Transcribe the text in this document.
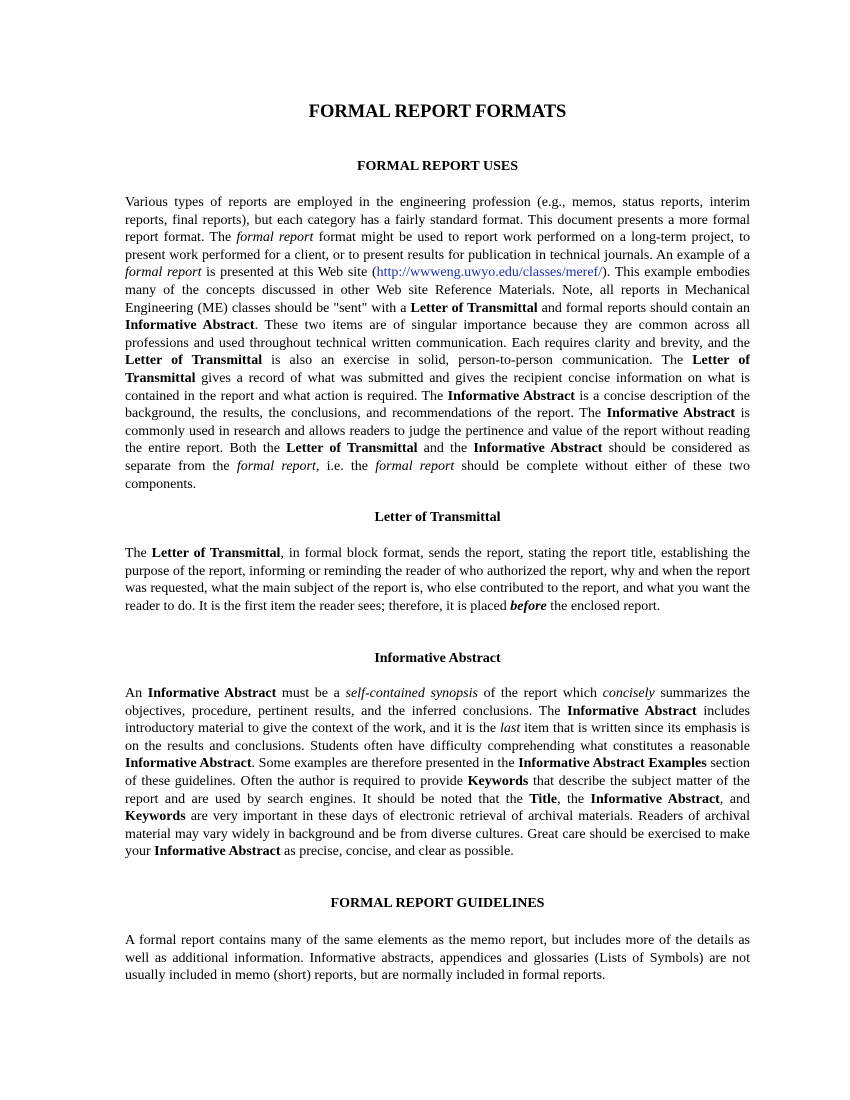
FORMAL REPORT FORMATS
FORMAL REPORT USES

Various types of reports are employed in the engineering profession (e.g., memos, status reports, interim reports, final reports), but each category has a fairly standard format. This document presents a more formal report format. The formal report format might be used to report work performed on a long-term project, to present work performed for a client, or to present results for publication in technical journals. An example of a formal report is presented at this Web site (http://wwweng.uwyo.edu/classes/meref/). This example embodies many of the concepts discussed in other Web site Reference Materials. Note, all reports in Mechanical Engineering (ME) classes should be "sent" with a Letter of Transmittal and formal reports should contain an Informative Abstract. These two items are of singular importance because they are common across all professions and used throughout technical written communication. Each requires clarity and brevity, and the Letter of Transmittal is also an exercise in solid, person-to-person communication. The Letter of Transmittal gives a record of what was submitted and gives the recipient concise information on what is contained in the report and what action is required. The Informative Abstract is a concise description of the background, the results, the conclusions, and recommendations of the report. The Informative Abstract is commonly used in research and allows readers to judge the pertinence and value of the report without reading the entire report. Both the Letter of Transmittal and the Informative Abstract should be considered as separate from the formal report, i.e. the formal report should be complete without either of these two components.

Letter of Transmittal

The Letter of Transmittal, in formal block format, sends the report, stating the report title, establishing the purpose of the report, informing or reminding the reader of who authorized the report, why and when the report was requested, what the main subject of the report is, who else contributed to the report, and what you want the reader to do. It is the first item the reader sees; therefore, it is placed before the enclosed report.

Informative Abstract

An Informative Abstract must be a self-contained synopsis of the report which concisely summarizes the objectives, procedure, pertinent results, and the inferred conclusions. The Informative Abstract includes introductory material to give the context of the work, and it is the last item that is written since its emphasis is on the results and conclusions. Students often have difficulty comprehending what constitutes a reasonable Informative Abstract. Some examples are therefore presented in the Informative Abstract Examples section of these guidelines. Often the author is required to provide Keywords that describe the subject matter of the report and are used by search engines. It should be noted that the Title, the Informative Abstract, and Keywords are very important in these days of electronic retrieval of archival materials. Readers of archival material may vary widely in background and be from diverse cultures. Great care should be exercised to make your Informative Abstract as precise, concise, and clear as possible.

FORMAL REPORT GUIDELINES

A formal report contains many of the same elements as the memo report, but includes more of the details as well as additional information. Informative abstracts, appendices and glossaries (Lists of Symbols) are not usually included in memo (short) reports, but are normally included in formal reports.
